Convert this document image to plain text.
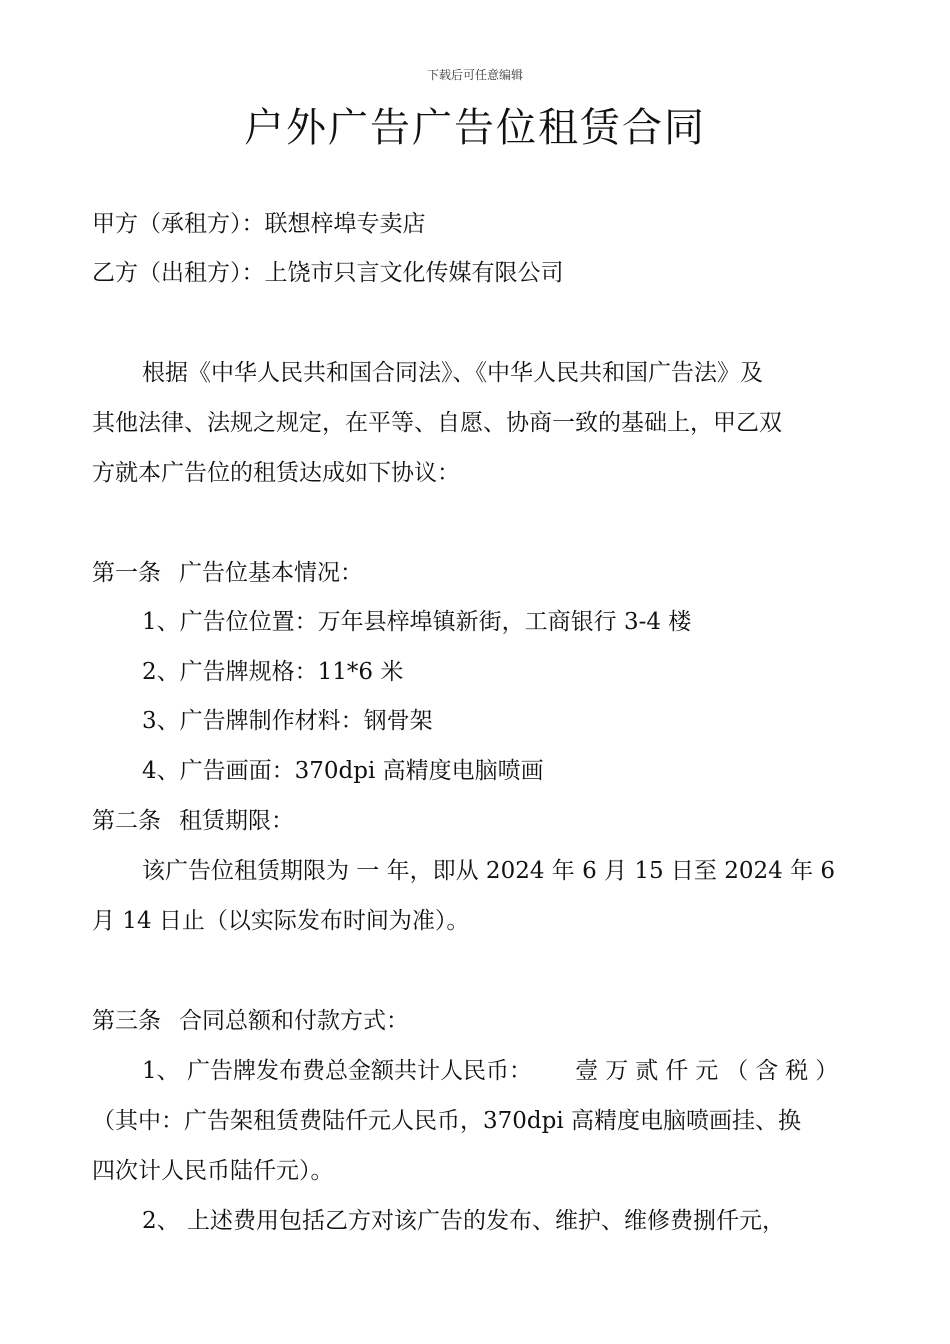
下载后可任意编辑
户外广告广告位租赁合同
甲方（承租方）：联想梓埠专卖店
乙方（出租方）：上饶市只言文化传媒有限公司
根据《中华人民共和国合同法》、《中华人民共和国广告法》及
其他法律、法规之规定，在平等、自愿、协商一致的基础上，甲乙双
方就本广告位的租赁达成如下协议：
第一条 广告位基本情况：
1、广告位位置：万年县梓埠镇新街，工商银行 3-4 楼
2、广告牌规格：11*6 米
3、广告牌制作材料：钢骨架
4、广告画面：370dpi 高精度电脑喷画
第二条 租赁期限：
该广告位租赁期限为 一 年，即从 2024 年 6 月 15 日至 2024 年 6
月 14 日止（以实际发布时间为准）。
第三条 合同总额和付款方式：
1、 广告牌发布费总金额共计人民币： 壹万贰仟元（含税）
（其中：广告架租赁费陆仟元人民币，370dpi 高精度电脑喷画挂、换
四次计人民币陆仟元）。
2、 上述费用包括乙方对该广告的发布、维护、维修费捌仟元，
